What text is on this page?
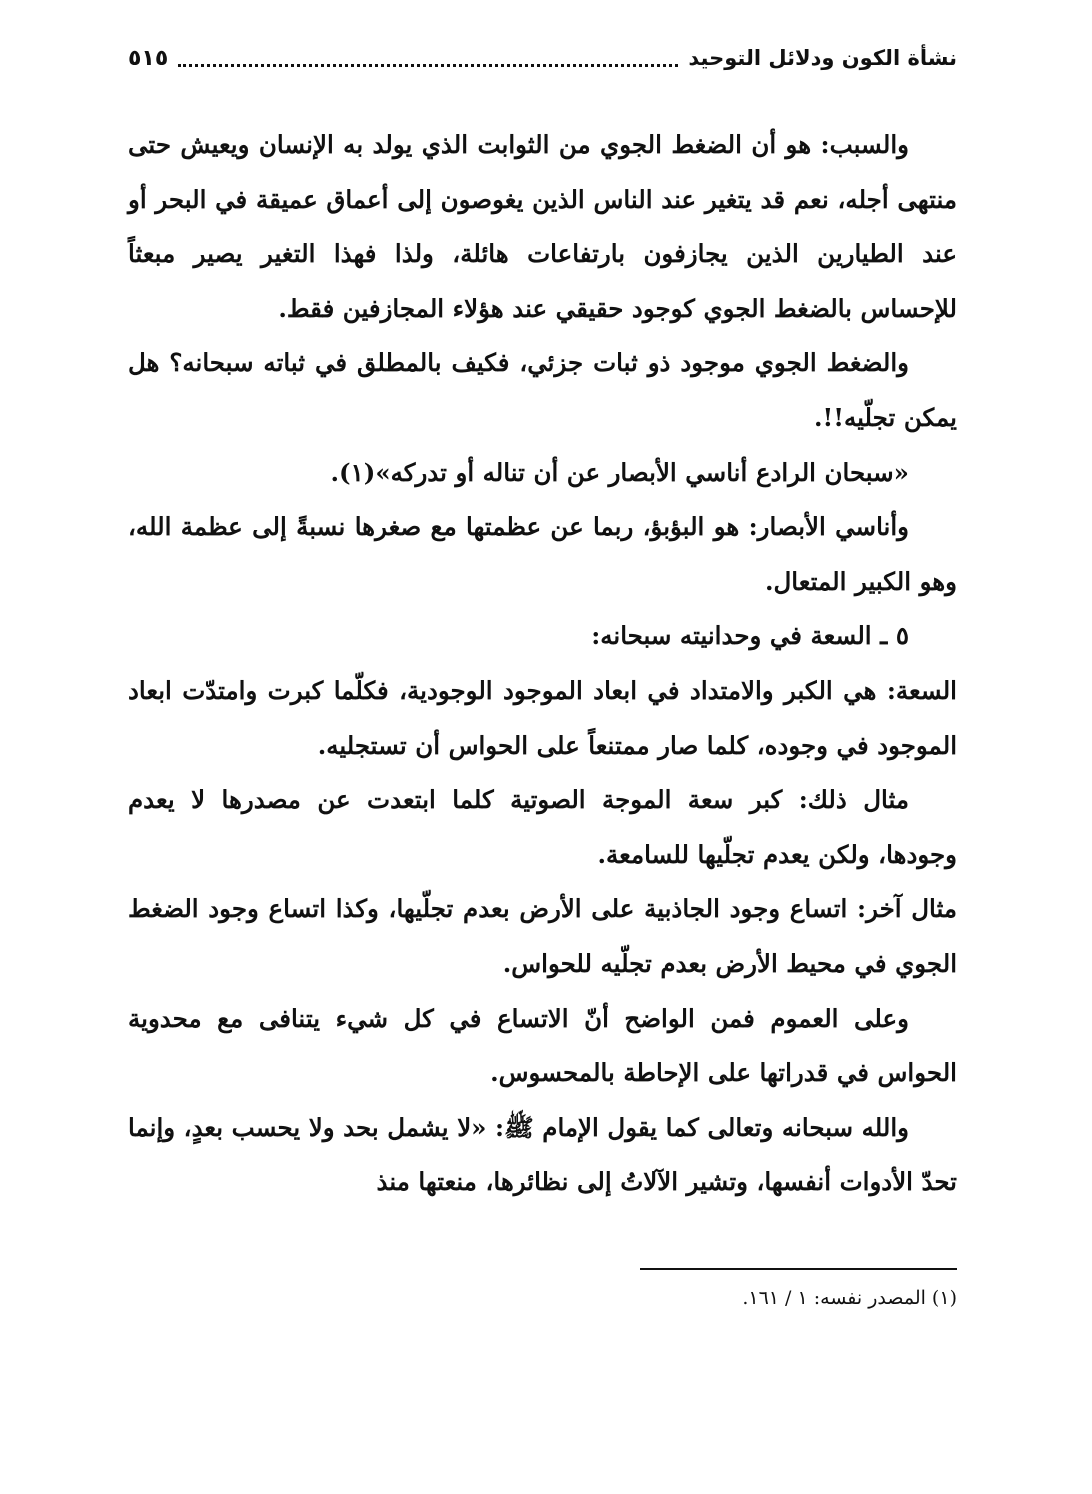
نشأة الكون ودلائل التوحيد
٥١٥

والسبب: هو أن الضغط الجوي من الثوابت الذي يولد به الإنسان ويعيش حتى منتهى أجله، نعم قد يتغير عند الناس الذين يغوصون إلى أعماق عميقة في البحر أو عند الطيارين الذين يجازفون بارتفاعات هائلة، ولذا فهذا التغير يصير مبعثاً للإحساس بالضغط الجوي كوجود حقيقي عند هؤلاء المجازفين فقط.

والضغط الجوي موجود ذو ثبات جزئي، فكيف بالمطلق في ثباته سبحانه؟ هل يمكن تجلّيه!!.

«سبحان الرادع أناسي الأبصار عن أن تناله أو تدركه»(١).

وأناسي الأبصار: هو البؤبؤ، ربما عن عظمتها مع صغرها نسبةً إلى عظمة الله، وهو الكبير المتعال.

٥ ـ السعة في وحدانيته سبحانه:

السعة: هي الكبر والامتداد في ابعاد الموجود الوجودية، فكلّما كبرت وامتدّت ابعاد الموجود في وجوده، كلما صار ممتنعاً على الحواس أن تستجليه.

مثال ذلك: كبر سعة الموجة الصوتية كلما ابتعدت عن مصدرها لا يعدم وجودها، ولكن يعدم تجلّيها للسامعة.

مثال آخر: اتساع وجود الجاذبية على الأرض بعدم تجلّيها، وكذا اتساع وجود الضغط الجوي في محيط الأرض بعدم تجلّيه للحواس.

وعلى العموم فمن الواضح أنّ الاتساع في كل شيء يتنافى مع محدوية الحواس في قدراتها على الإحاطة بالمحسوس.

والله سبحانه وتعالى كما يقول الإمام ﷺ: «لا يشمل بحد ولا يحسب بعدٍ، وإنما تحدّ الأدوات أنفسها، وتشير الآلاتُ إلى نظائرها، منعتها منذ

(١) المصدر نفسه: ١ / ١٦١.
